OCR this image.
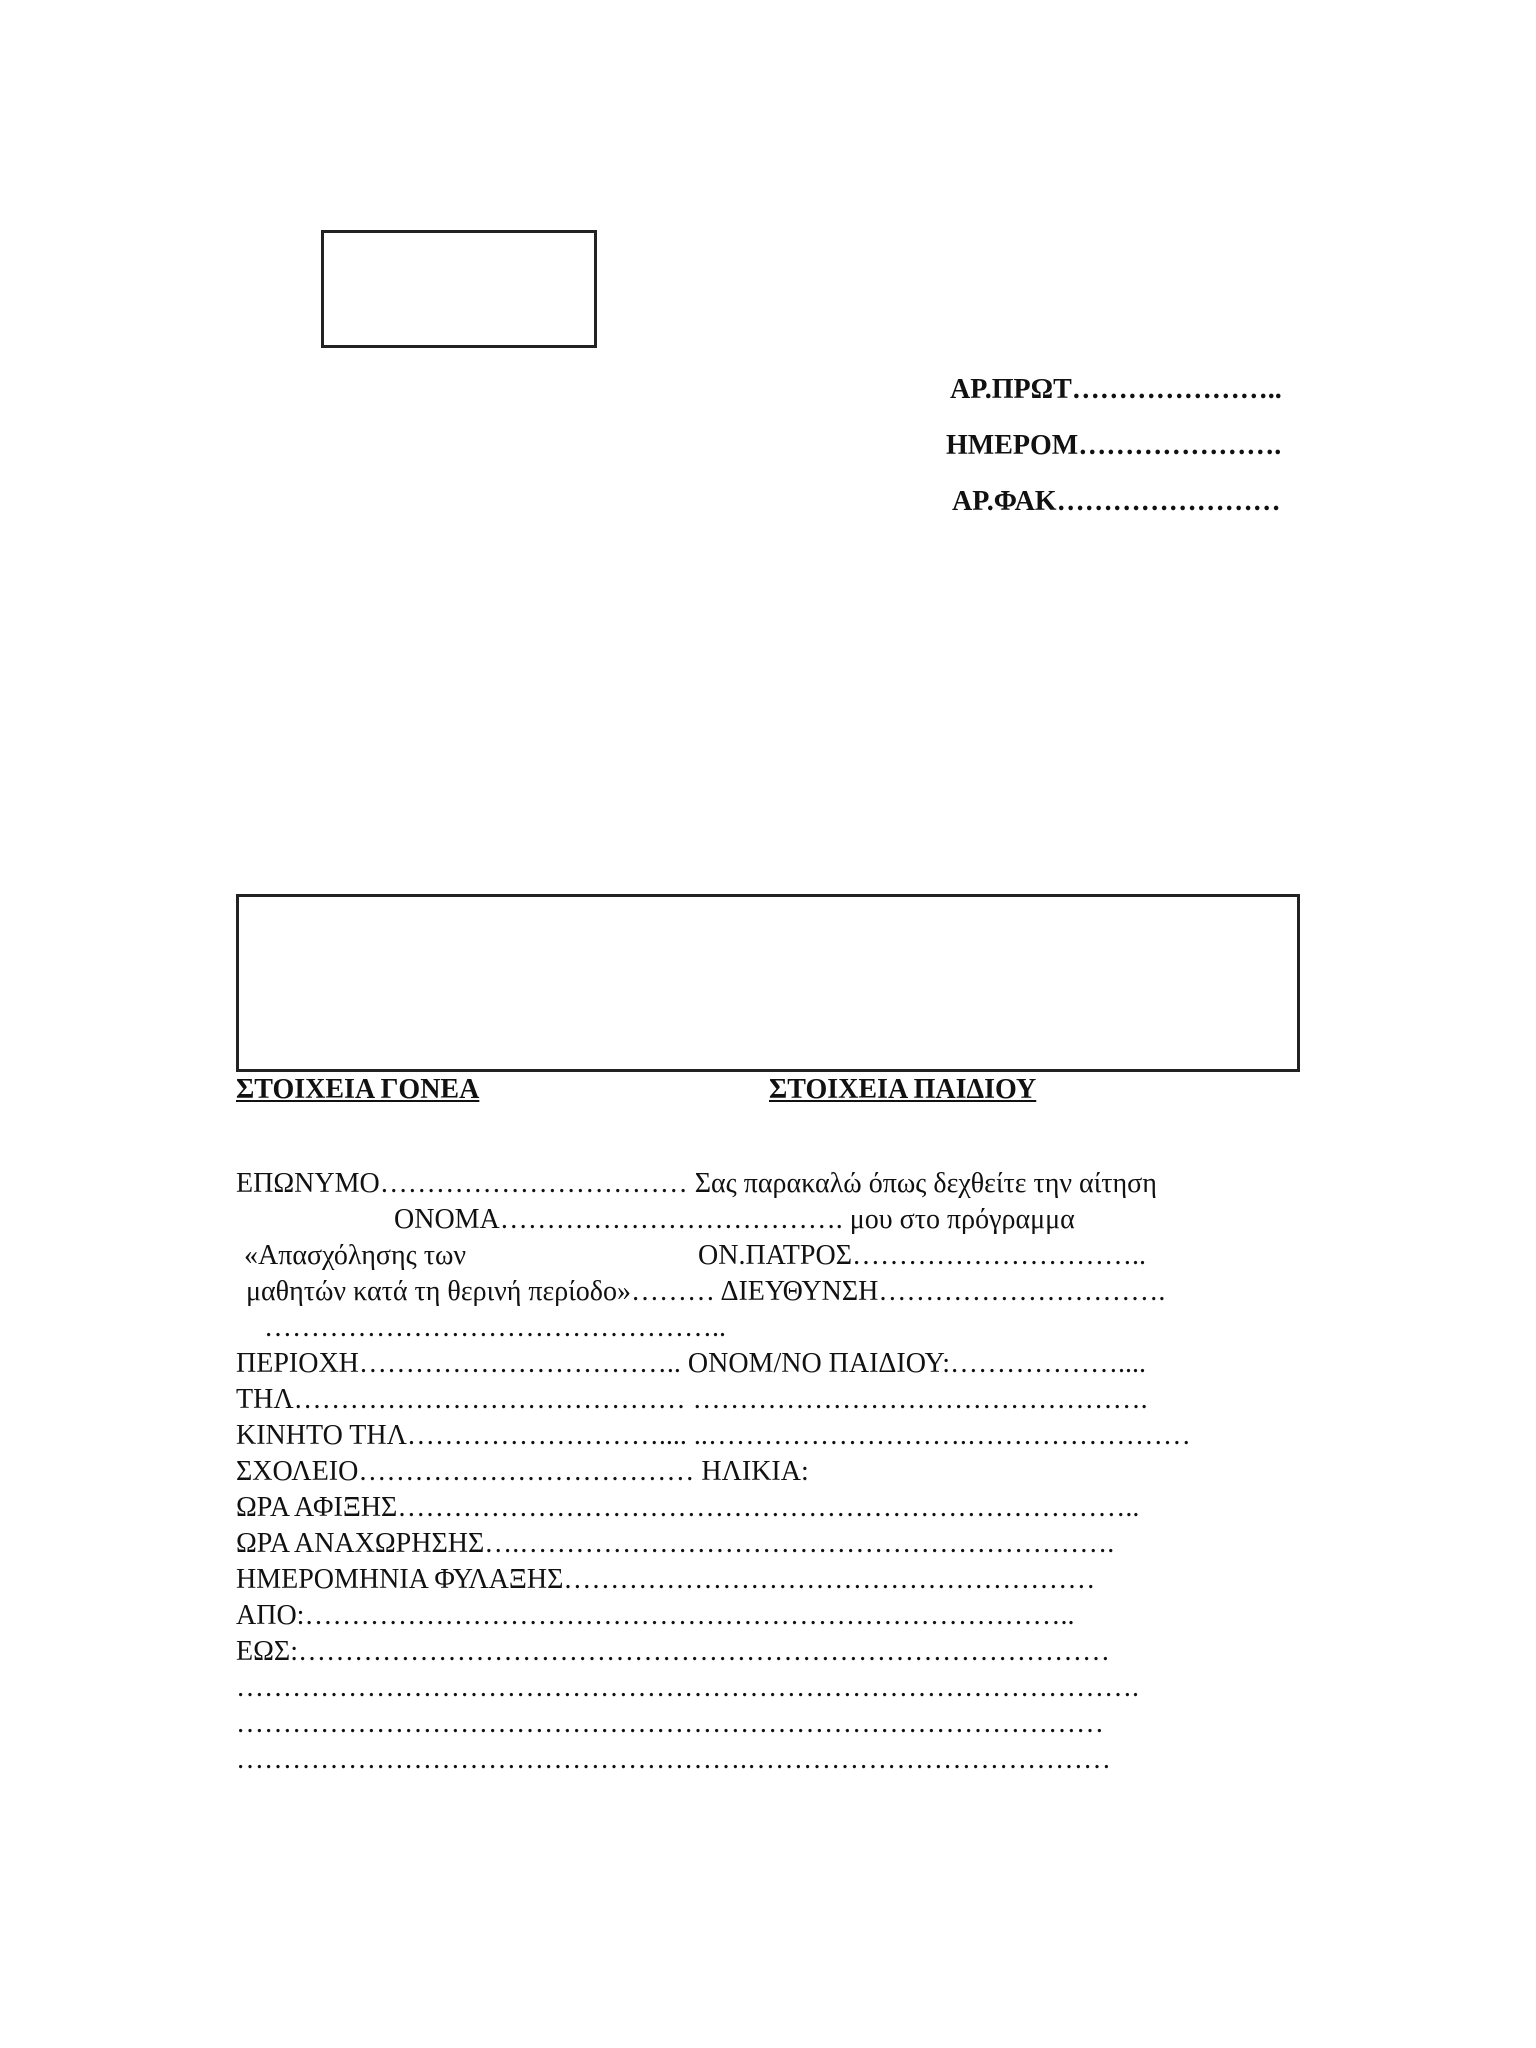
ΑΡ.ΠΡΩΤ…………………..
ΗΜΕΡΟΜ………………….
ΑΡ.ΦΑΚ……………………
ΣΤΟΙΧΕΙΑ ΓΟΝΕΑ	ΣΤΟΙΧΕΙΑ ΠΑΙΔΙΟΥ
ΕΠΩΝΥΜΟ…………………………… Σας παρακαλώ όπως δεχθείτε την αίτηση
ΟΝΟΜΑ………………………………. μου στο πρόγραμμα
«Απασχόλησης των	ΟΝ.ΠΑΤΡΟΣ…………………………..
μαθητών κατά τη θερινή περίοδο»……… ΔΙΕΥΘΥΝΣΗ………………………….
…………………………………………..
ΠΕΡΙΟΧΗ…………………………….. ΟΝΟΜ/ΝΟ ΠΑΙΔΙΟΥ:………………....
ΤΗΛ…………………………………… ………………………………………….
ΚΙΝΗΤΟ ΤΗΛ……………………….... ..……………………….……………………
ΣΧΟΛΕΙΟ……………………………… ΗΛΙΚΙΑ:
ΩΡΑ ΑΦΙΞΗΣ……………………………………………………………………..
ΩΡΑ ΑΝΑΧΩΡΗΣΗΣ….……………………………………………………….
ΗΜΕΡΟΜΗΝΙΑ ΦΥΛΑΞΗΣ…………………………………………………
ΑΠΟ:………………………………………………………………………..
ΕΩΣ:……………………………………………………………………………
…………………………………………………………………………………….
…………………………………………………………………………………
……………………………………………….…………………………………
